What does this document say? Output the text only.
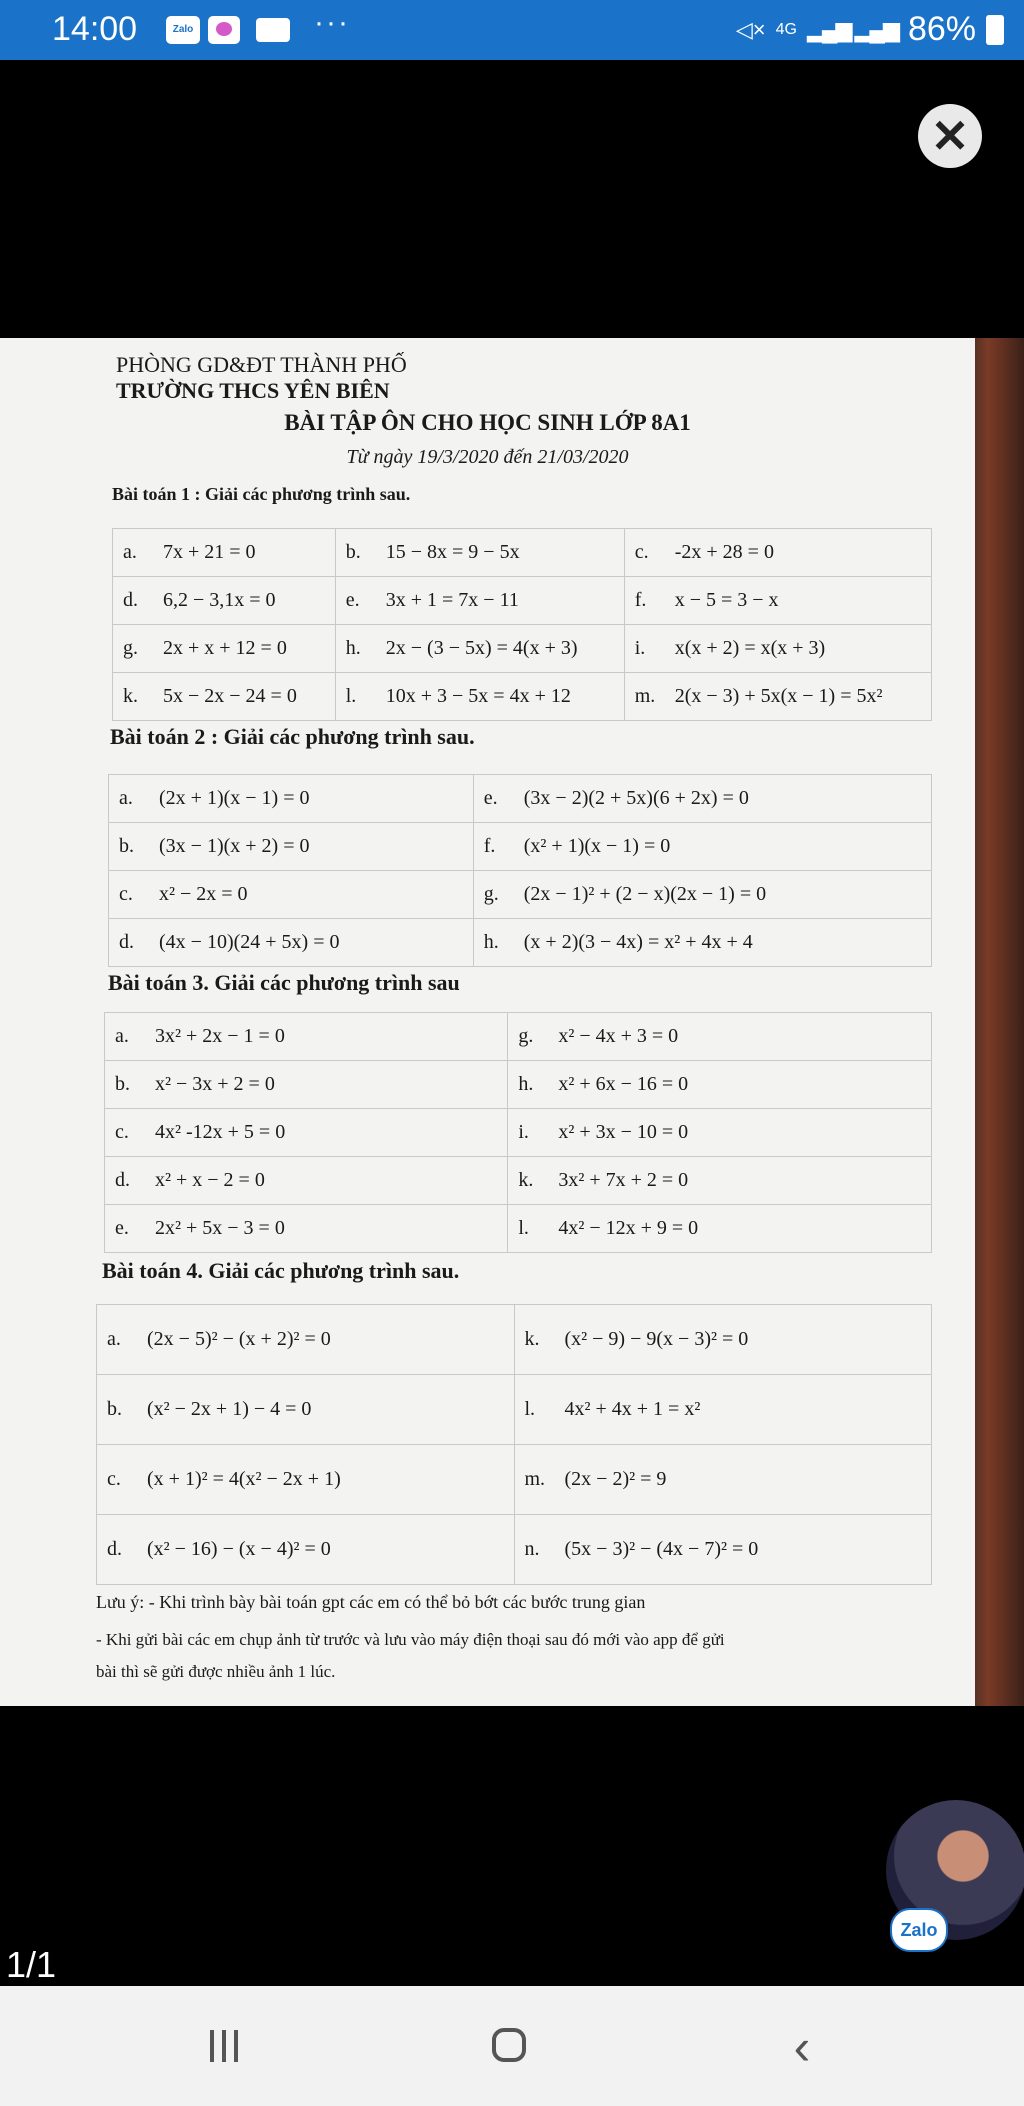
14:00	Zalo	···	◁× 4G ▂▄▆ ▂▄▆ 86%
✕
PHÒNG GD&ĐT THÀNH PHỐ
TRƯỜNG THCS YÊN BIÊN
BÀI TẬP ÔN CHO HỌC SINH LỚP 8A1
Từ ngày 19/3/2020 đến 21/03/2020
Bài toán 1 : Giải các phương trình sau.
a. 7x + 21 = 0	b. 15 − 8x = 9 − 5x	c. -2x + 28 = 0
d. 6,2 − 3,1x = 0	e. 3x + 1 = 7x − 11	f. x − 5 = 3 − x
g. 2x + x + 12 = 0	h. 2x − (3 − 5x) = 4(x + 3)	i. x(x + 2) = x(x + 3)
k. 5x − 2x − 24 = 0	l. 10x + 3 − 5x = 4x + 12	m. 2(x − 3) + 5x(x − 1) = 5x²
Bài toán 2 : Giải các phương trình sau.
a. (2x + 1)(x − 1) = 0	e. (3x − 2)(2 + 5x)(6 + 2x) = 0
b. (3x − 1)(x + 2) = 0	f. (x² + 1)(x − 1) = 0
c. x² − 2x = 0	g. (2x − 1)² + (2 − x)(2x − 1) = 0
d. (4x − 10)(24 + 5x) = 0	h. (x + 2)(3 − 4x) = x² + 4x + 4
Bài toán 3. Giải các phương trình sau
a. 3x² + 2x − 1 = 0	g. x² − 4x + 3 = 0
b. x² − 3x + 2 = 0	h. x² + 6x − 16 = 0
c. 4x² -12x + 5 = 0	i. x² + 3x − 10 = 0
d. x² + x − 2 = 0	k. 3x² + 7x + 2 = 0
e. 2x² + 5x − 3 = 0	l. 4x² − 12x + 9 = 0
Bài toán 4. Giải các phương trình sau.
a. (2x − 5)² − (x + 2)² = 0	k. (x² − 9) − 9(x − 3)² = 0
b. (x² − 2x + 1) − 4 = 0	l. 4x² + 4x + 1 = x²
c. (x + 1)² = 4(x² − 2x + 1)	m. (2x − 2)² = 9
d. (x² − 16) − (x − 4)² = 0	n. (5x − 3)² − (4x − 7)² = 0
Lưu ý: - Khi trình bày bài toán gpt các em có thể bỏ bớt các bước trung gian
- Khi gửi bài các em chụp ảnh từ trước và lưu vào máy điện thoại sau đó mới vào app để gửi
bài thì sẽ gửi được nhiều ảnh 1 lúc.
1/1
Zalo
‹
